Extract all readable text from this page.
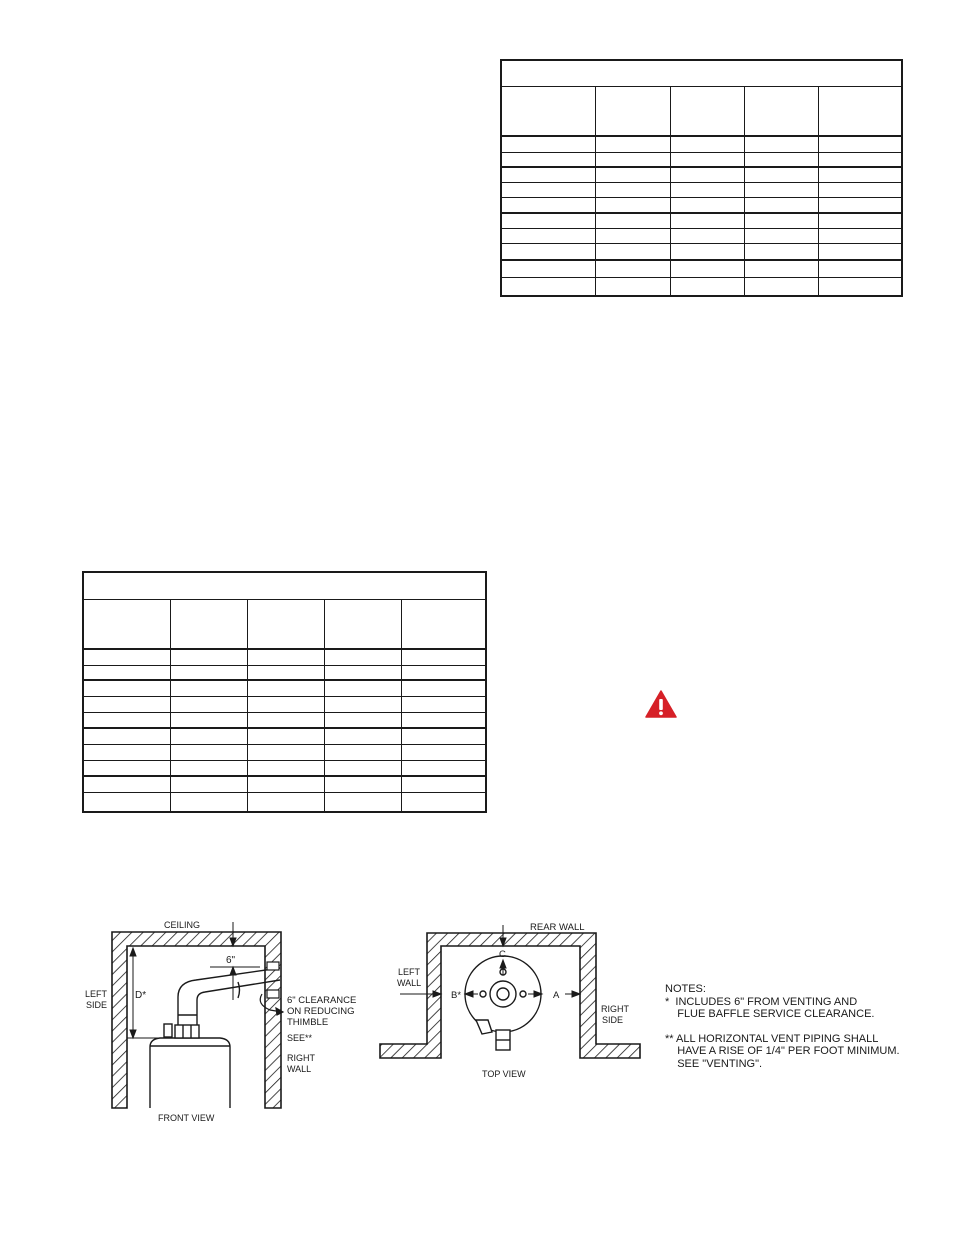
CEILING
LEFT
SIDE
D*
6"
6" CLEARANCE
ON REDUCING
THIMBLE
SEE**
RIGHT
WALL
FRONT VIEW
REAR WALL
LEFT
WALL
C
B*	A
RIGHT
SIDE
TOP VIEW
NOTES:
*  INCLUDES 6" FROM VENTING AND
FLUE BAFFLE SERVICE CLEARANCE.
** ALL HORIZONTAL VENT PIPING SHALL
HAVE A RISE OF 1/4" PER FOOT MINIMUM.
SEE "VENTING".
